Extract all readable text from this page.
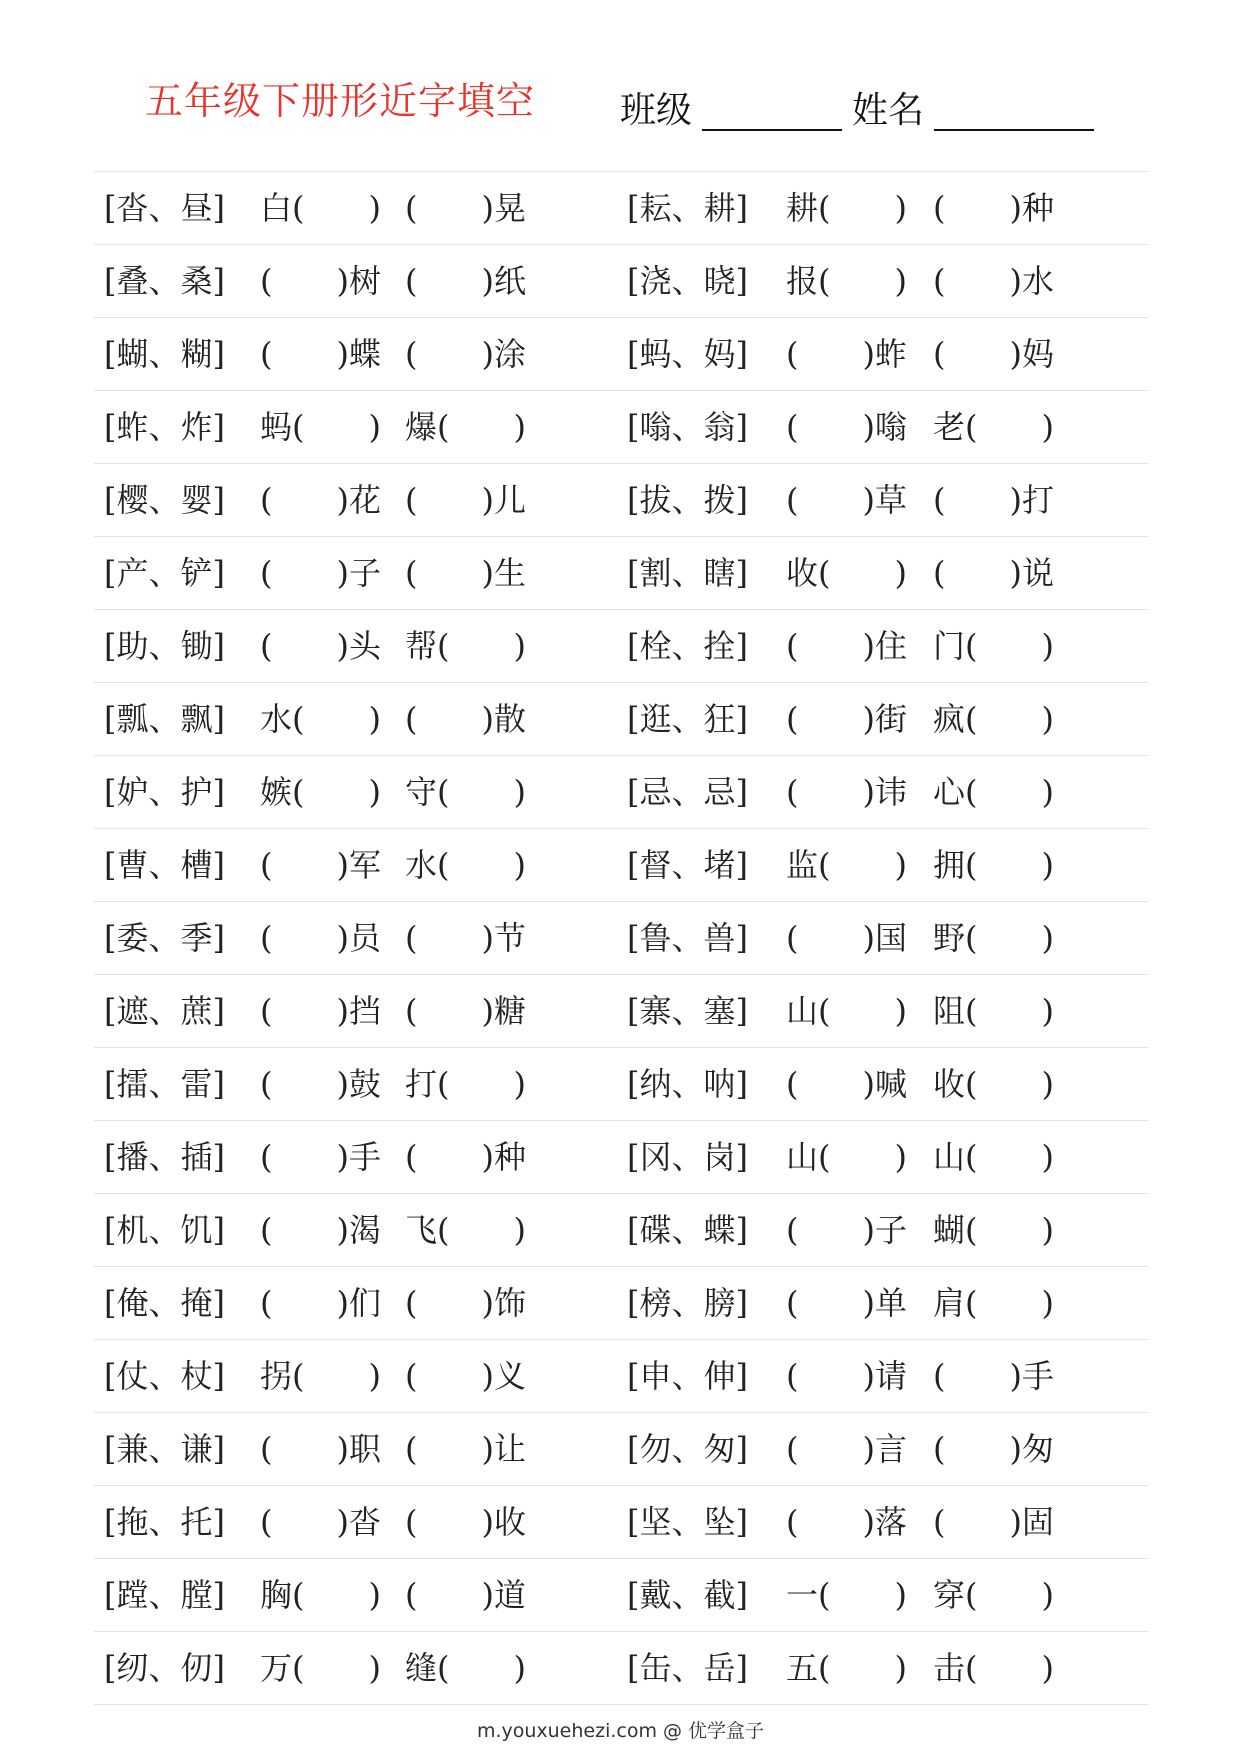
五年级下册形近字填空 班级	姓名
[沓、昼] 白(　　) (　　)晃	[耘、耕] 耕(　　) (　　)种
[叠、桑] (　　)树 (　　)纸	[浇、晓] 报(　　) (　　)水
[蝴、糊] (　　)蝶 (　　)涂	[蚂、妈] (　　)蚱 (　　)妈
[蚱、炸] 蚂(　　) 爆(　　)	[嗡、翁] (　　)嗡 老(　　)
[樱、婴] (　　)花 (　　)儿	[拔、拨] (　　)草 (　　)打
[产、铲] (　　)子 (　　)生	[割、瞎] 收(　　) (　　)说
[助、锄] (　　)头 帮(　　)	[栓、拴] (　　)住 门(　　)
[瓢、飘] 水(　　) (　　)散	[逛、狂] (　　)街 疯(　　)
[妒、护] 嫉(　　) 守(　　)	[忌、忌] (　　)讳 心(　　)
[曹、槽] (　　)军 水(　　)	[督、堵] 监(　　) 拥(　　)
[委、季] (　　)员 (　　)节	[鲁、兽] (　　)国 野(　　)
[遮、蔗] (　　)挡 (　　)糖	[寨、塞] 山(　　) 阻(　　)
[擂、雷] (　　)鼓 打(　　)	[纳、呐] (　　)喊 收(　　)
[播、插] (　　)手 (　　)种	[冈、岗] 山(　　) 山(　　)
[机、饥] (　　)渴 飞(　　)	[碟、蝶] (　　)子 蝴(　　)
[俺、掩] (　　)们 (　　)饰	[榜、膀] (　　)单 肩(　　)
[仗、杖] 拐(　　) (　　)义	[申、伸] (　　)请 (　　)手
[兼、谦] (　　)职 (　　)让	[勿、匆] (　　)言 (　　)匆
[拖、托] (　　)沓 (　　)收	[坚、坠] (　　)落 (　　)固
[蹚、膛] 胸(　　) (　　)道	[戴、截] 一(　　) 穿(　　)
[纫、仞] 万(　　) 缝(　　)	[缶、岳] 五(　　) 击(　　)
m.youxuehezi.com @ 优学盒子
